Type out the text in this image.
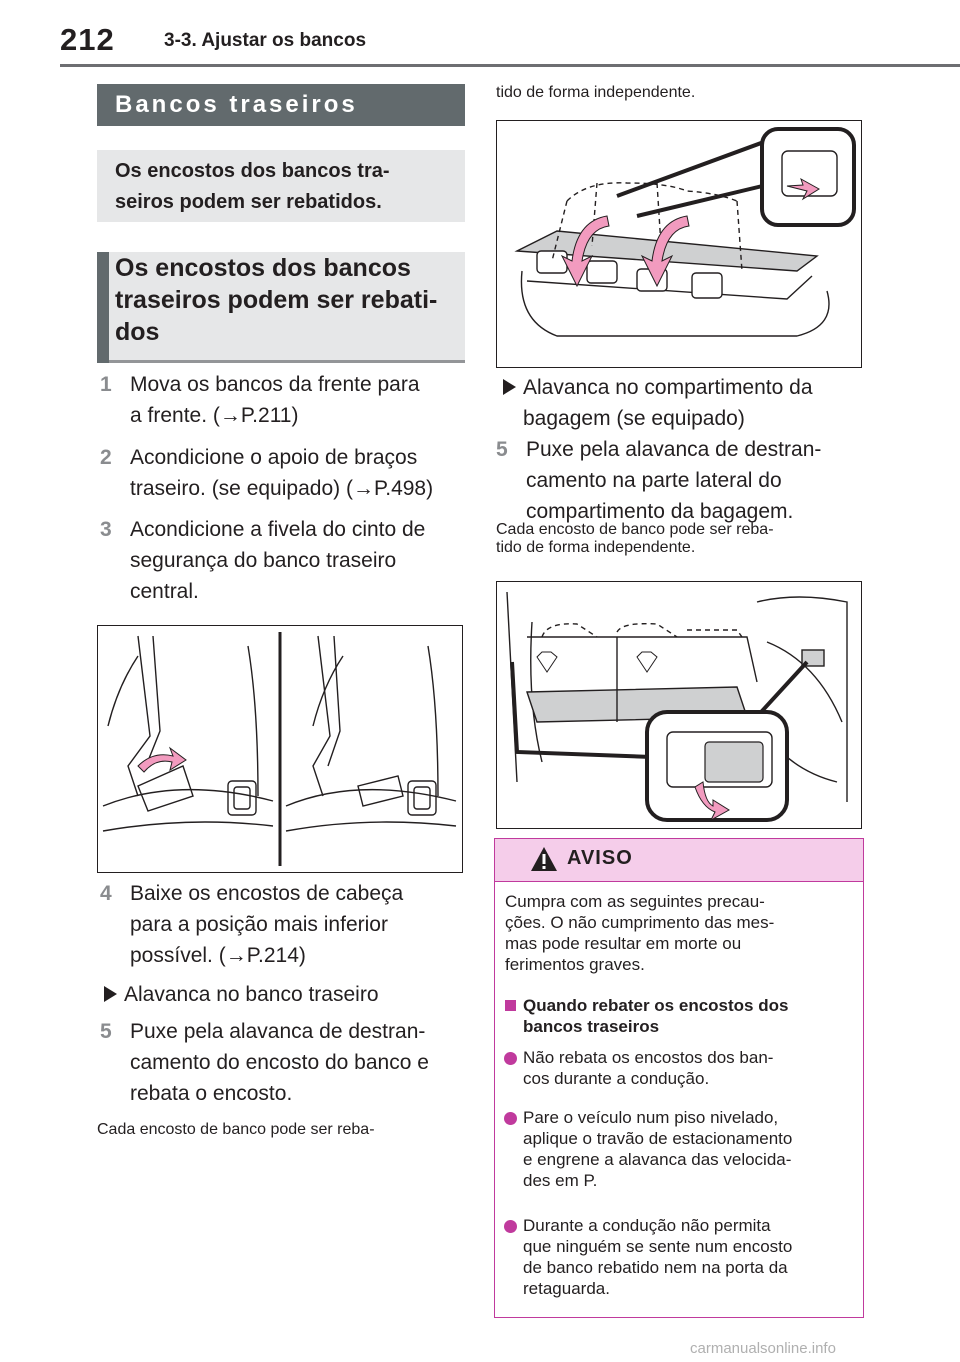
212	3-3. Ajustar os bancos
Bancos traseiros
Os encostos dos bancos tra-
seiros podem ser rebatidos.
Os encostos dos bancos
traseiros podem ser rebati-
dos
1 Mova os bancos da frente para
a frente. (→P.211)
2 Acondicione o apoio de braços
traseiro. (se equipado) (→P.498)
3 Acondicione a fivela do cinto de
segurança do banco traseiro
central.
4 Baixe os encostos de cabeça
para a posição mais inferior
possível. (→P.214)
Alavanca no banco traseiro
5 Puxe pela alavanca de destran-
camento do encosto do banco e
rebata o encosto.
Cada encosto de banco pode ser reba-
tido de forma independente.
Alavanca no compartimento da
bagagem (se equipado)
5 Puxe pela alavanca de destran-
camento na parte lateral do
compartimento da bagagem.
Cada encosto de banco pode ser reba-
tido de forma independente.
AVISO
Cumpra com as seguintes precau-
ções. O não cumprimento das mes-
mas pode resultar em morte ou
ferimentos graves.
Quando rebater os encostos dos
bancos traseiros
Não rebata os encostos dos ban-
cos durante a condução.
Pare o veículo num piso nivelado,
aplique o travão de estacionamento
e engrene a alavanca das velocida-
des em P.
Durante a condução não permita
que ninguém se sente num encosto
de banco rebatido nem na porta da
retaguarda.
carmanualsonline.info
